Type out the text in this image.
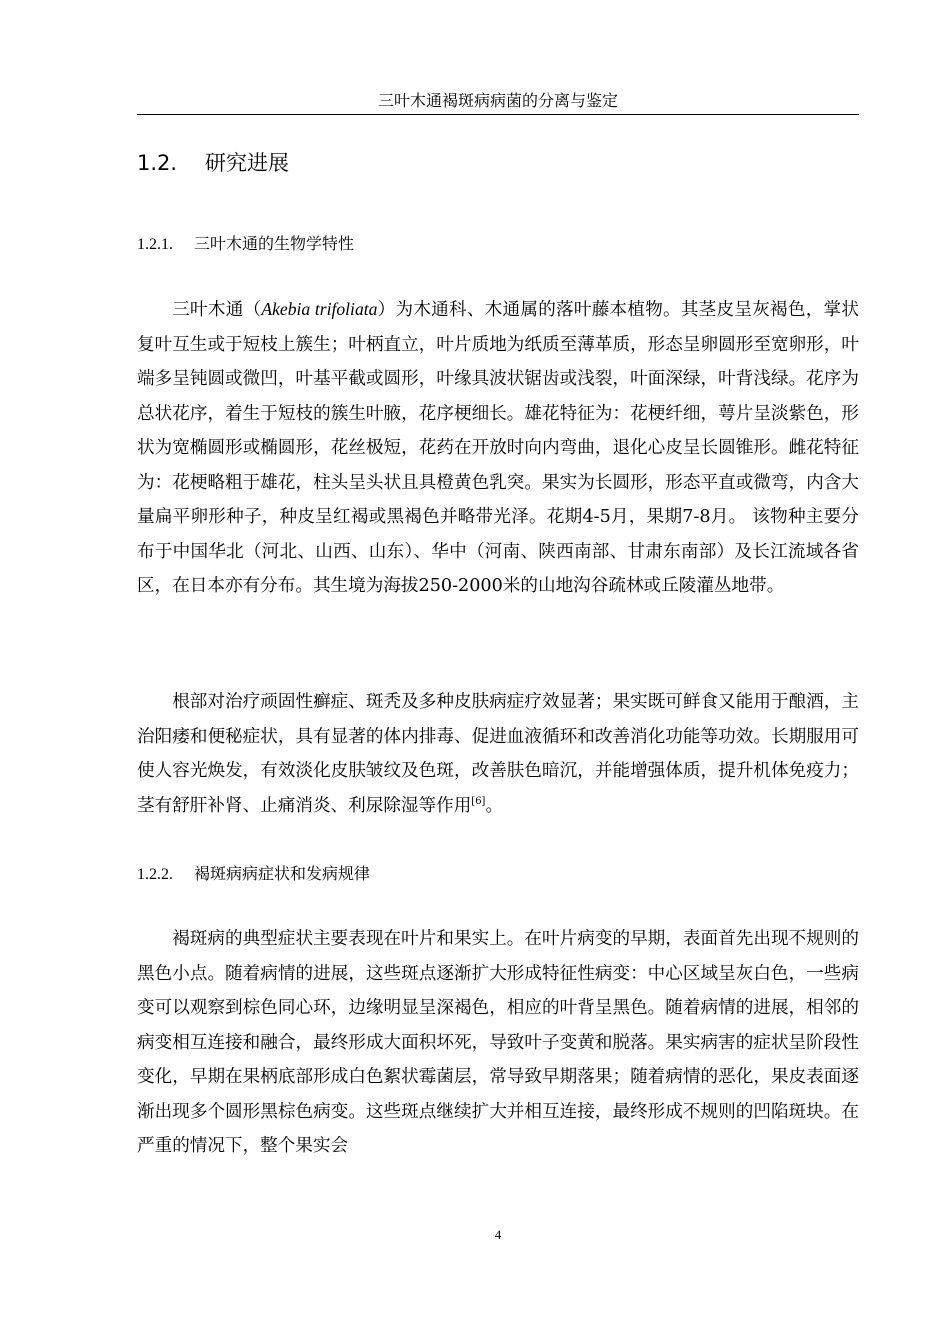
三叶木通褐斑病病菌的分离与鉴定
1.2. 研究进展
1.2.1. 三叶木通的生物学特性

三叶木通（Akebia trifoliata）为木通科、木通属的落叶藤本植物。其茎皮呈灰褐色，掌状复叶互生或于短枝上簇生；叶柄直立，叶片质地为纸质至薄革质，形态呈卵圆形至宽卵形，叶端多呈钝圆或微凹，叶基平截或圆形，叶缘具波状锯齿或浅裂，叶面深绿，叶背浅绿。花序为总状花序，着生于短枝的簇生叶腋，花序梗细长。雄花特征为：花梗纤细，萼片呈淡紫色，形状为宽椭圆形或椭圆形，花丝极短，花药在开放时向内弯曲，退化心皮呈长圆锥形。雌花特征为：花梗略粗于雄花，柱头呈头状且具橙黄色乳突。果实为长圆形，形态平直或微弯，内含大量扁平卵形种子，种皮呈红褐或黑褐色并略带光泽。花期4-5月，果期7-8月。 该物种主要分布于中国华北（河北、山西、山东）、华中（河南、陕西南部、甘肃东南部）及长江流域各省区，在日本亦有分布。其生境为海拔250-2000米的山地沟谷疏林或丘陵灌丛地带。

根部对治疗顽固性癣症、斑秃及多种皮肤病症疗效显著；果实既可鲜食又能用于酿酒，主治阳痿和便秘症状，具有显著的体内排毒、促进血液循环和改善消化功能等功效。长期服用可使人容光焕发，有效淡化皮肤皱纹及色斑，改善肤色暗沉，并能增强体质，提升机体免疫力；茎有舒肝补肾、止痛消炎、利尿除湿等作用[6]。

1.2.2. 褐斑病病症状和发病规律

褐斑病的典型症状主要表现在叶片和果实上。在叶片病变的早期，表面首先出现不规则的黑色小点。随着病情的进展，这些斑点逐渐扩大形成特征性病变：中心区域呈灰白色，一些病变可以观察到棕色同心环，边缘明显呈深褐色，相应的叶背呈黑色。随着病情的进展，相邻的病变相互连接和融合，最终形成大面积坏死，导致叶子变黄和脱落。果实病害的症状呈阶段性变化，早期在果柄底部形成白色絮状霉菌层，常导致早期落果；随着病情的恶化，果皮表面逐渐出现多个圆形黑棕色病变。这些斑点继续扩大并相互连接，最终形成不规则的凹陷斑块。在严重的情况下，整个果实会

4
